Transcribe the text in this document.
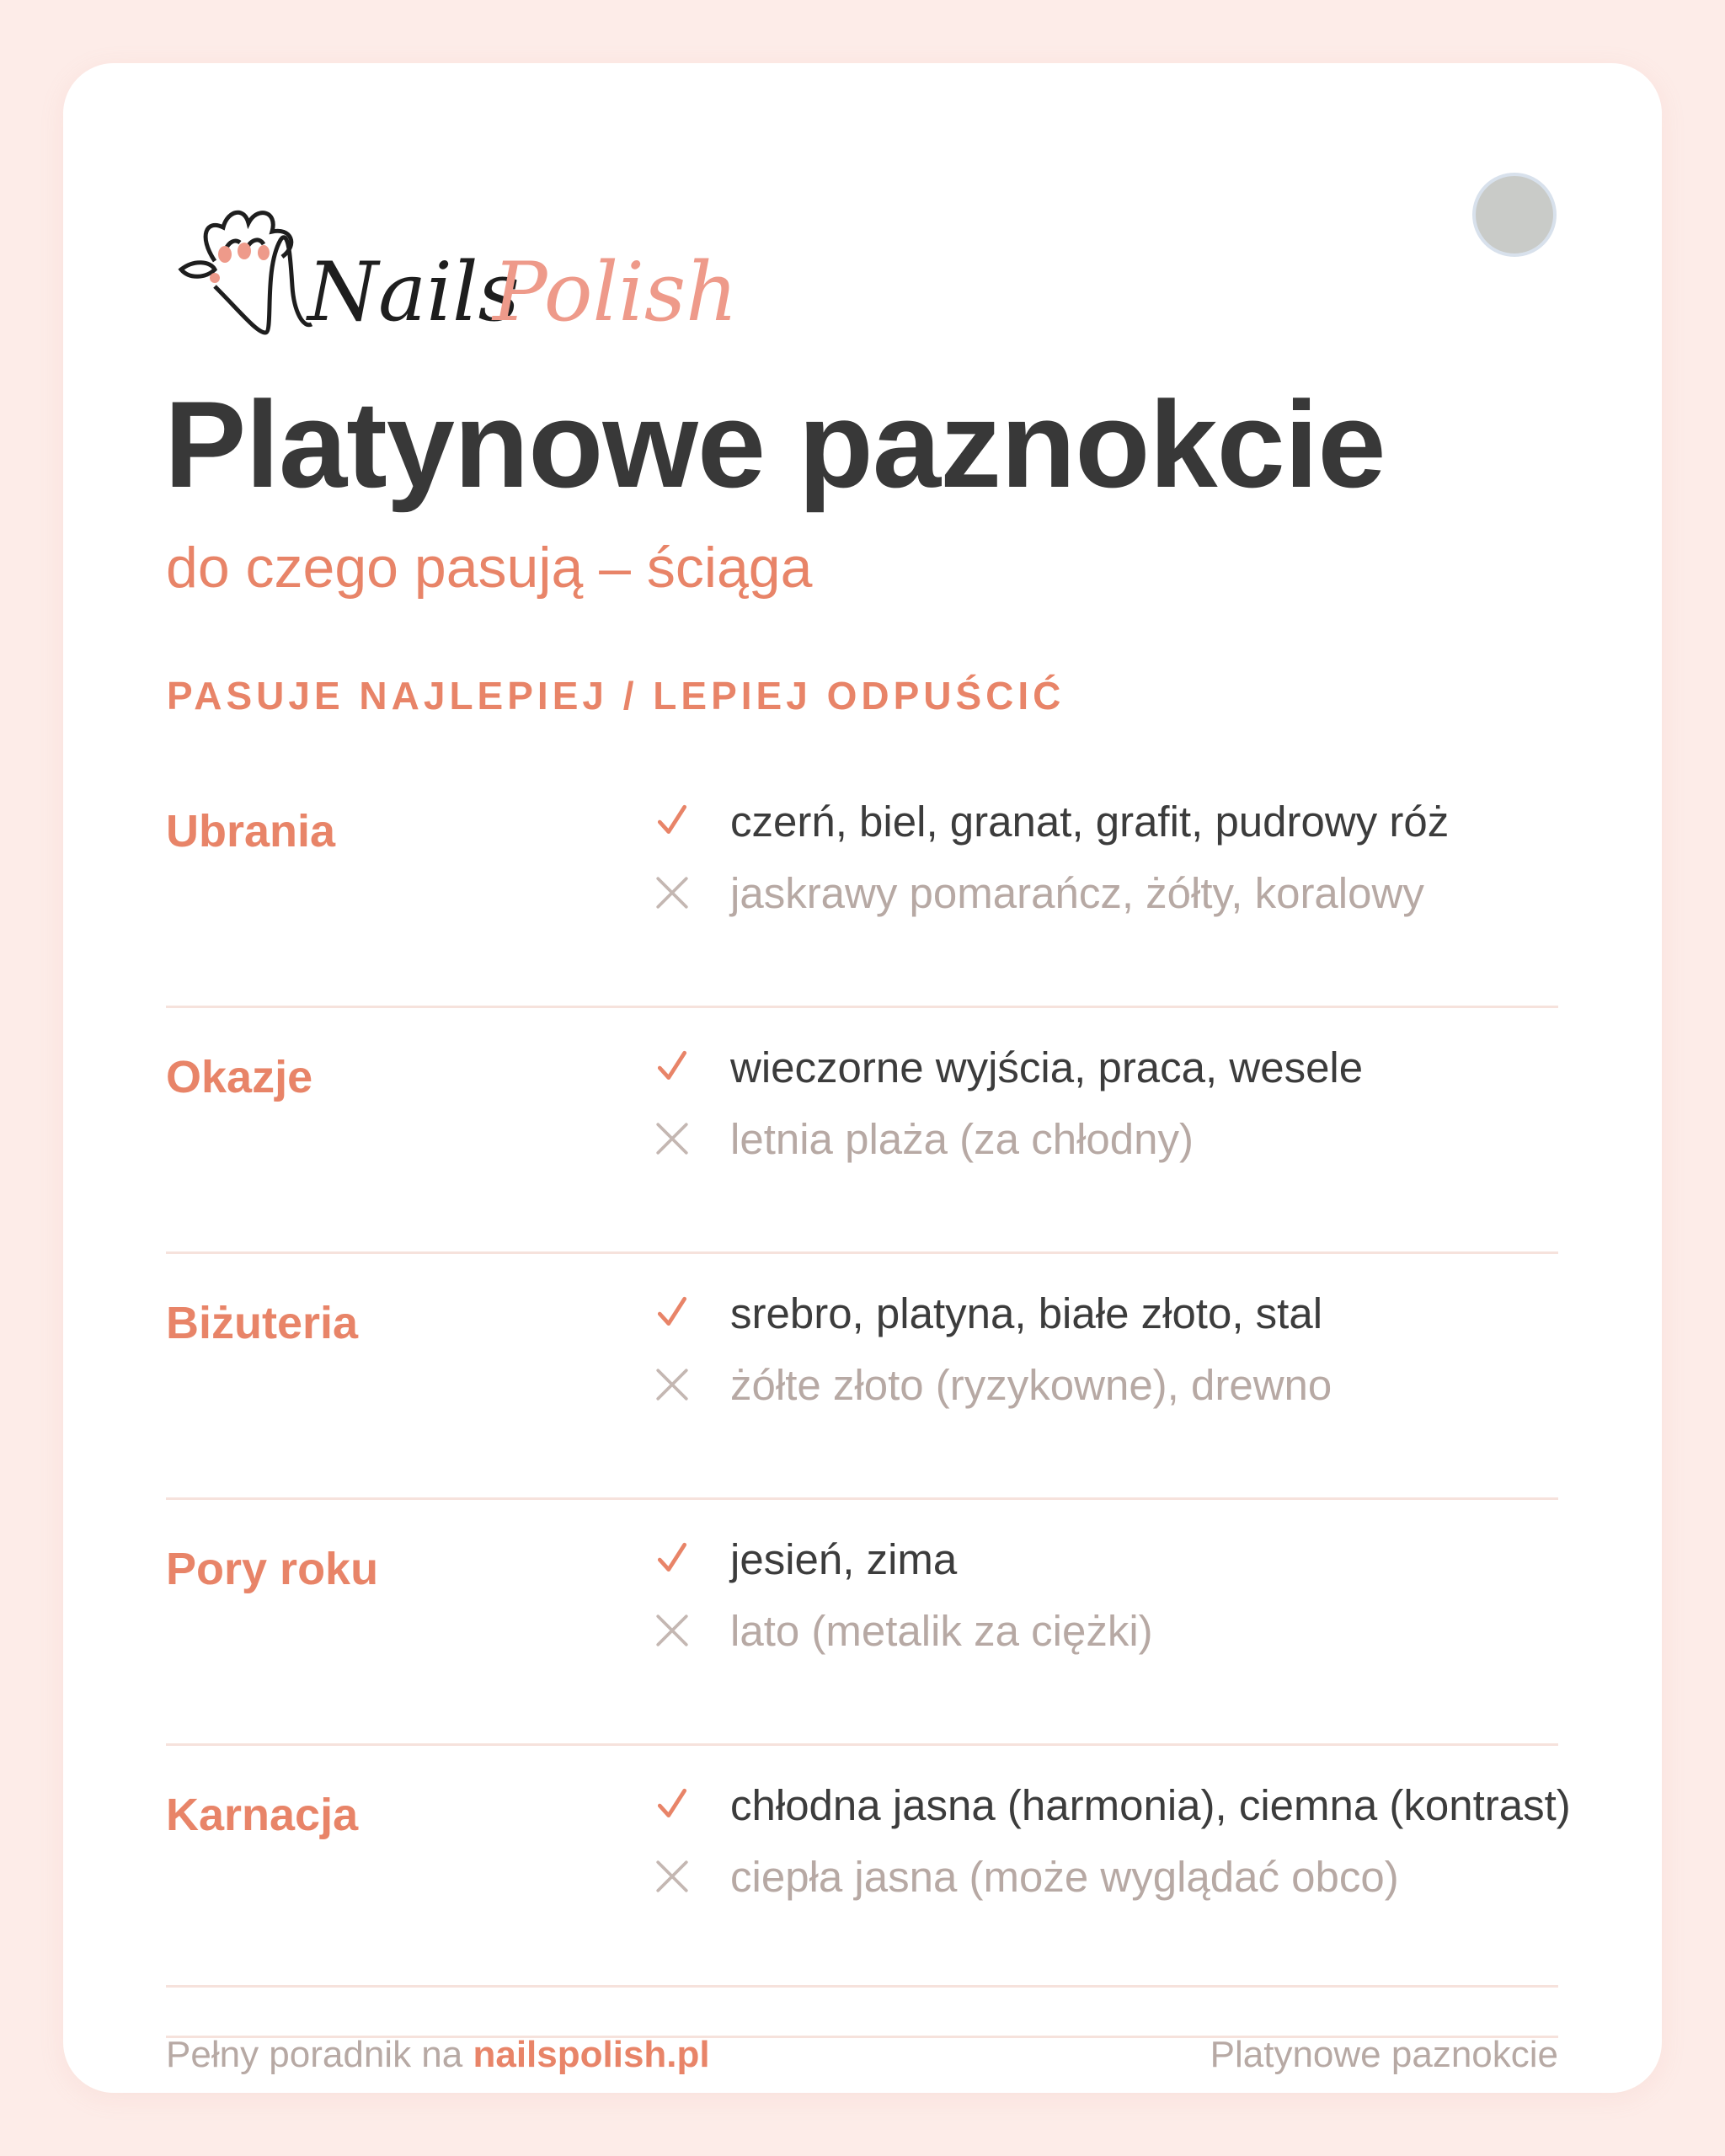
Nails
Polish
Platynowe paznokcie
do czego pasują – ściąga
PASUJE NAJLEPIEJ / LEPIEJ ODPUŚCIĆ
Ubrania	czerń, biel, granat, grafit, pudrowy róż
jaskrawy pomarańcz, żółty, koralowy
Okazje	wieczorne wyjścia, praca, wesele
letnia plaża (za chłodny)
Biżuteria	srebro, platyna, białe złoto, stal
żółte złoto (ryzykowne), drewno
Pory roku	jesień, zima
lato (metalik za ciężki)
Karnacja	chłodna jasna (harmonia), ciemna (kontrast)
ciepła jasna (może wyglądać obco)
Pełny poradnik na nailspolish.pl	Platynowe paznokcie
